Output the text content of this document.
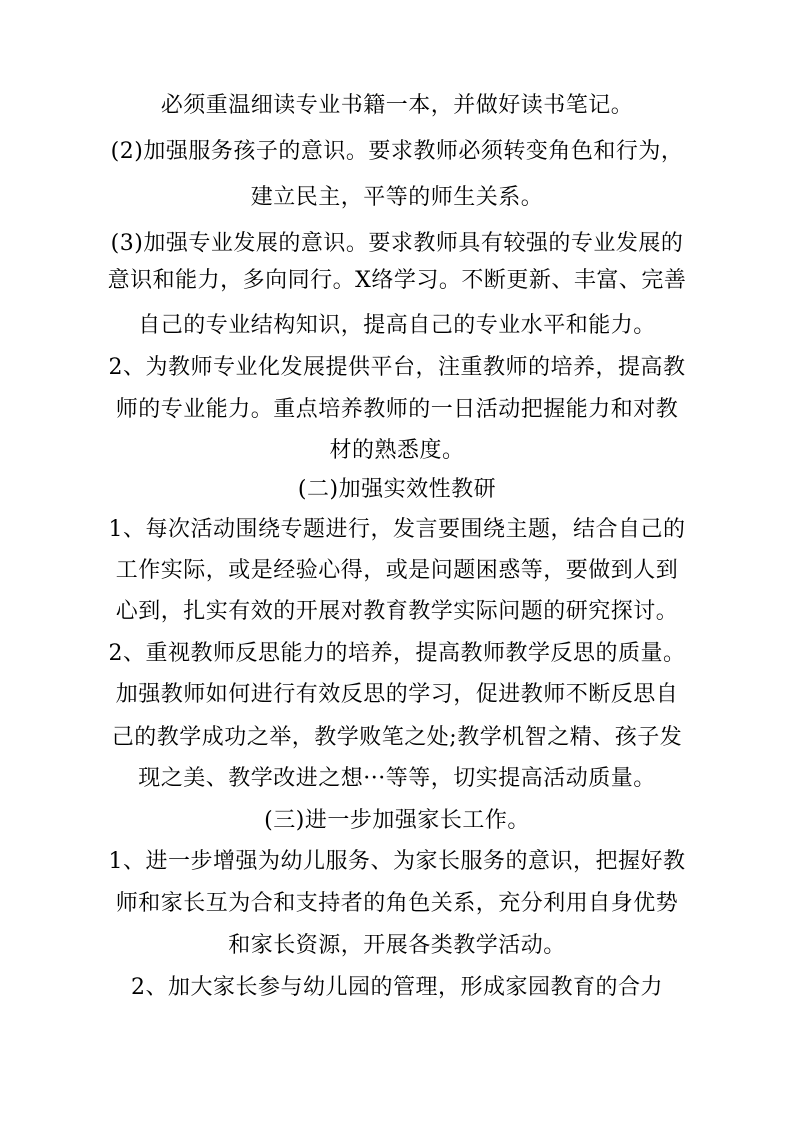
必须重温细读专业书籍一本，并做好读书笔记。
(2)加强服务孩子的意识。要求教师必须转变角色和行为，
建立民主，平等的师生关系。
(3)加强专业发展的意识。要求教师具有较强的专业发展的
意识和能力，多向同行。X络学习。不断更新、丰富、完善
自己的专业结构知识，提高自己的专业水平和能力。
2、为教师专业化发展提供平台，注重教师的培养，提高教
师的专业能力。重点培养教师的一日活动把握能力和对教
材的熟悉度。
(二)加强实效性教研
1、每次活动围绕专题进行，发言要围绕主题，结合自己的
工作实际，或是经验心得，或是问题困惑等，要做到人到
心到，扎实有效的开展对教育教学实际问题的研究探讨。
2、重视教师反思能力的培养，提高教师教学反思的质量。
加强教师如何进行有效反思的学习，促进教师不断反思自
己的教学成功之举，教学败笔之处;教学机智之精、孩子发
现之美、教学改进之想···等等，切实提高活动质量。
(三)进一步加强家长工作。
1、进一步增强为幼儿服务、为家长服务的意识，把握好教
师和家长互为合和支持者的角色关系，充分利用自身优势
和家长资源，开展各类教学活动。
2、加大家长参与幼儿园的管理，形成家园教育的合力
